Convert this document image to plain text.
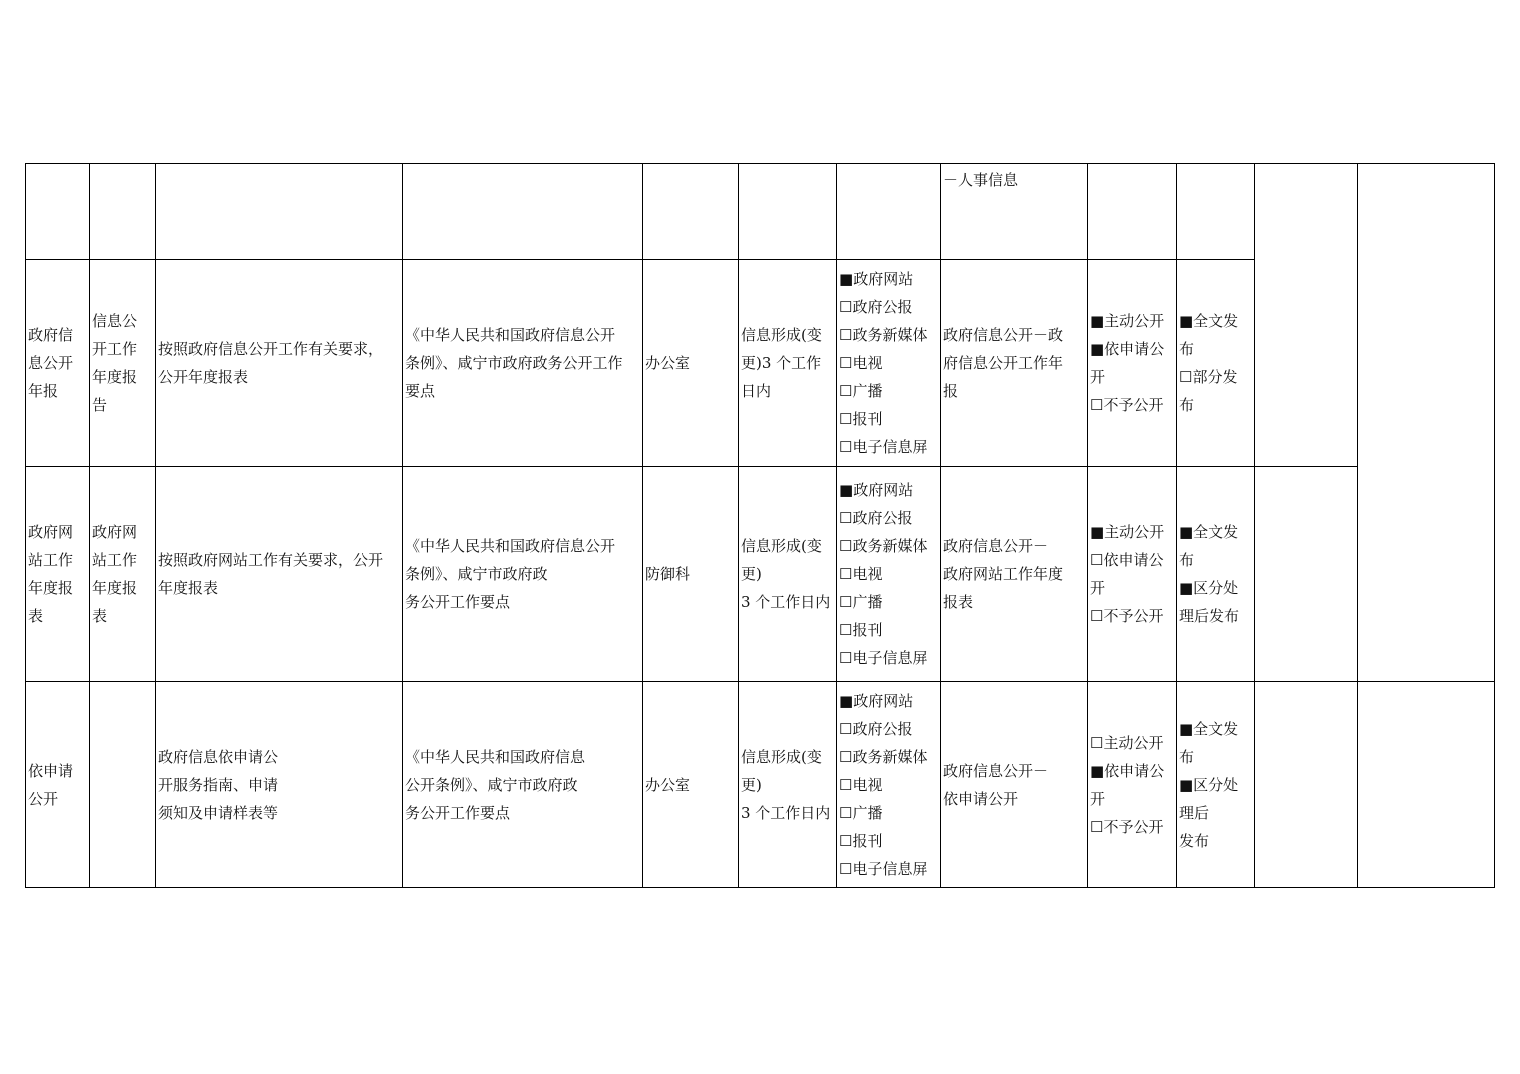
－人事信息
政府信
息公开
年报
信息公
开工作
年度报
告
按照政府信息公开工作有关要求，
公开年度报表
《中华人民共和国政府信息公开
条例》、咸宁市政府政务公开工作
要点
办公室
信息形成(变
更)3 个工作
日内
■政府网站
☐政府公报
☐政务新媒体
☐电视
☐广播
☐报刊
☐电子信息屏
政府信息公开－政
府信息公开工作年
报
■主动公开
■依申请公
开
☐不予公开
■全文发
布
☐部分发
布
政府网
站工作
年度报
表
政府网
站工作
年度报
表
按照政府网站工作有关要求，公开
年度报表
《中华人民共和国政府信息公开
条例》、咸宁市政府政
务公开工作要点
防御科
信息形成(变
更)
3 个工作日内
■政府网站
☐政府公报
☐政务新媒体
☐电视
☐广播
☐报刊
☐电子信息屏
政府信息公开－
政府网站工作年度
报表
■主动公开
☐依申请公
开
☐不予公开
■全文发
布
■区分处
理后发布
依申请
公开
政府信息依申请公
开服务指南、申请
须知及申请样表等
《中华人民共和国政府信息
公开条例》、咸宁市政府政
务公开工作要点
办公室
信息形成(变
更)
3 个工作日内
■政府网站
☐政府公报
☐政务新媒体
☐电视
☐广播
☐报刊
☐电子信息屏
政府信息公开－
依申请公开
☐主动公开
■依申请公
开
☐不予公开
■全文发
布
■区分处
理后
发布
